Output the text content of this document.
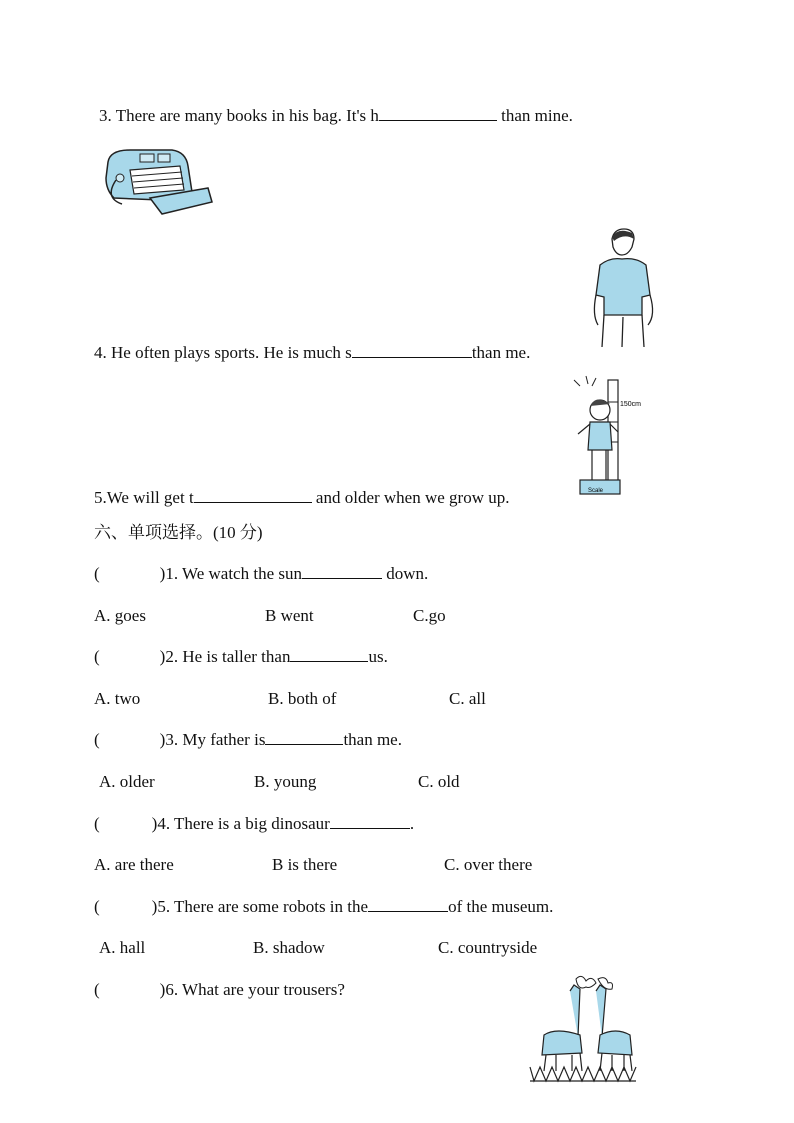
3. There are many books in his bag. It's h	than mine.
4. He often plays sports. He is much s	than me.
150cm
Scale
5.We will get t	and older when we grow up.
六、单项选择。(10 分)
(	)1. We watch the sun	down.
A. goes	B went	C.go
(	)2. He is taller than	us.
A. two	B. both of	C. all
(	)3. My father is	than me.
A. older	B. young	C. old
(	)4. There is a big dinosaur	.
A. are there	B is there	C. over there
(	)5. There are some robots in the	of the museum.
A. hall	B. shadow	C. countryside
(	)6. What are your trousers?
